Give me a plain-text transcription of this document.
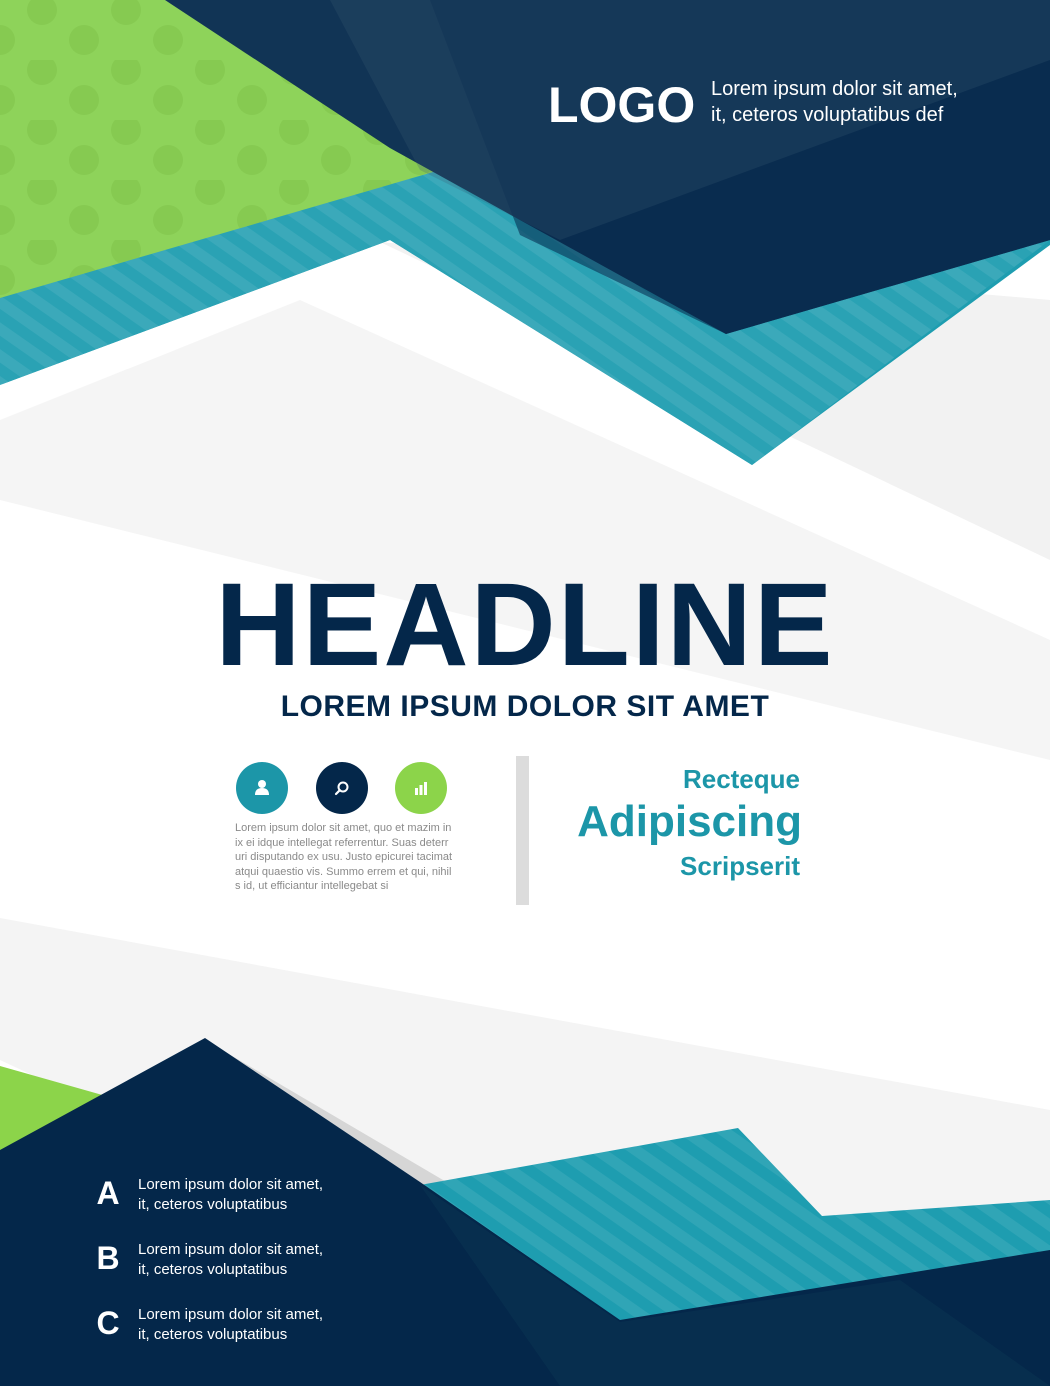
LOGO Lorem ipsum dolor sit amet,
it, ceteros voluptatibus def
HEADLINE
LOREM IPSUM DOLOR SIT AMET
Lorem ipsum dolor sit amet, quo et mazim in
ix ei idque intellegat referrentur. Suas deterr
uri disputando ex usu. Justo epicurei tacimat
atqui quaestio vis. Summo errem et qui, nihil
s id, ut efficiantur intellegebat si
Recteque
Adipiscing
Scripserit
A Lorem ipsum dolor sit amet,
it, ceteros voluptatibus
B Lorem ipsum dolor sit amet,
it, ceteros voluptatibus
C Lorem ipsum dolor sit amet,
it, ceteros voluptatibus
